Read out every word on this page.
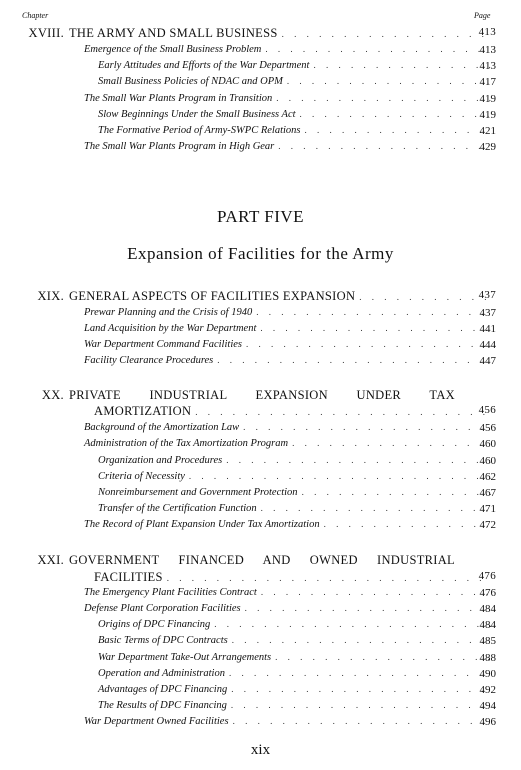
Chapter	Page
XVIII. THE ARMY AND SMALL BUSINESS . . .	413
Emergence of the Small Business Problem . . .	413
Early Attitudes and Efforts of the War Department . . .	413
Small Business Policies of NDAC and OPM . . .	417
The Small War Plants Program in Transition . . .	419
Slow Beginnings Under the Small Business Act . . .	419
The Formative Period of Army-SWPC Relations . . .	421
The Small War Plants Program in High Gear . . .	429
PART FIVE
Expansion of Facilities for the Army
XIX. GENERAL ASPECTS OF FACILITIES EXPANSION . . .	437
Prewar Planning and the Crisis of 1940 . . .	437
Land Acquisition by the War Department . . .	441
War Department Command Facilities . . .	444
Facility Clearance Procedures . . .	447
XX. PRIVATE INDUSTRIAL EXPANSION UNDER TAX
AMORTIZATION . . .	456
Background of the Amortization Law . . .	456
Administration of the Tax Amortization Program . . .	460
Organization and Procedures . . .	460
Criteria of Necessity . . .	462
Nonreimbursement and Government Protection . . .	467
Transfer of the Certification Function . . .	471
The Record of Plant Expansion Under Tax Amortization . . .	472
XXI. GOVERNMENT FINANCED AND OWNED INDUSTRIAL
FACILITIES . . .	476
The Emergency Plant Facilities Contract . . .	476
Defense Plant Corporation Facilities . . .	484
Origins of DPC Financing . . .	484
Basic Terms of DPC Contracts . . .	485
War Department Take-Out Arrangements . . .	488
Operation and Administration . . .	490
Advantages of DPC Financing . . .	492
The Results of DPC Financing . . .	494
War Department Owned Facilities . . .	496
xix
